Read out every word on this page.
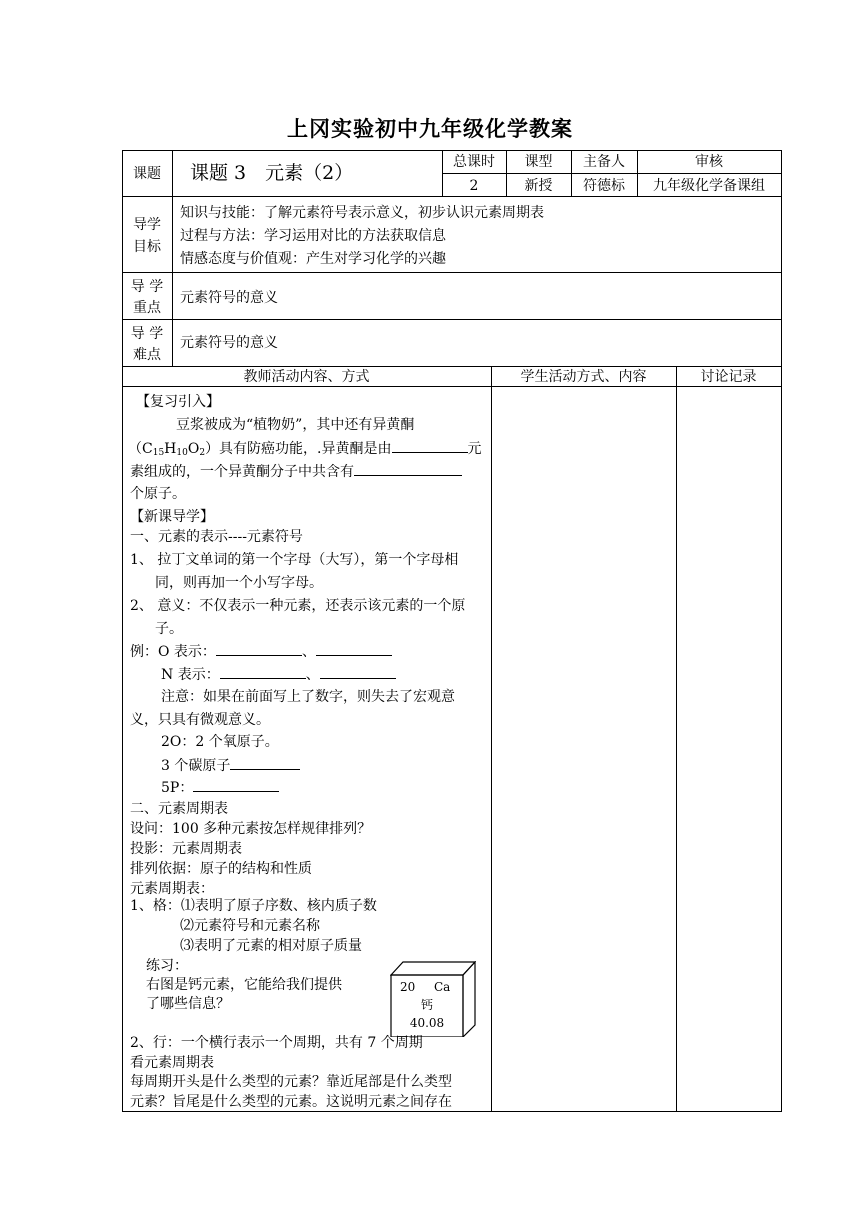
上冈实验初中九年级化学教案
课题	课题 3　元素（2）	总课时	课型	主备人	审核
2	新授	符德标	九年级化学备课组
导学
目标
知识与技能：了解元素符号表示意义，初步认识元素周期表
过程与方法：学习运用对比的方法获取信息
情感态度与价值观：产生对学习化学的兴趣
导 学
重点
元素符号的意义
导 学
难点
元素符号的意义
教师活动内容、方式	学生活动方式、内容	讨论记录
【复习引入】
豆浆被成为“植物奶”，其中还有异黄酮
$(C_{15}H_{10}O_2)$具有防癌功能，.异黄酮是由	元
素组成的，一个异黄酮分子中共含有
个原子。
【新课导学】
一、元素的表示----元素符号
1、 拉丁文单词的第一个字母（大写），第一个字母相
同，则再加一个小写字母。
2、 意义：不仅表示一种元素，还表示该元素的一个原
子。
例：O 表示：	、
N 表示：	、
注意：如果在前面写上了数字，则失去了宏观意
义，只具有微观意义。
2O：2 个氧原子。
3 个碳原子
5P：
二、元素周期表
设问：100 多种元素按怎样规律排列？
投影：元素周期表
排列依据：原子的结构和性质
元素周期表：
1、格：⑴表明了原子序数、核内质子数
⑵元素符号和元素名称
⑶表明了元素的相对原子质量
练习：
右图是钙元素，它能给我们提供
了哪些信息？
2、行：一个横行表示一个周期，共有 7 个周期
看元素周期表
每周期开头是什么类型的元素？靠近尾部是什么类型
元素？旨尾是什么类型的元素。这说明元素之间存在
20 Ca
钙
40.08
